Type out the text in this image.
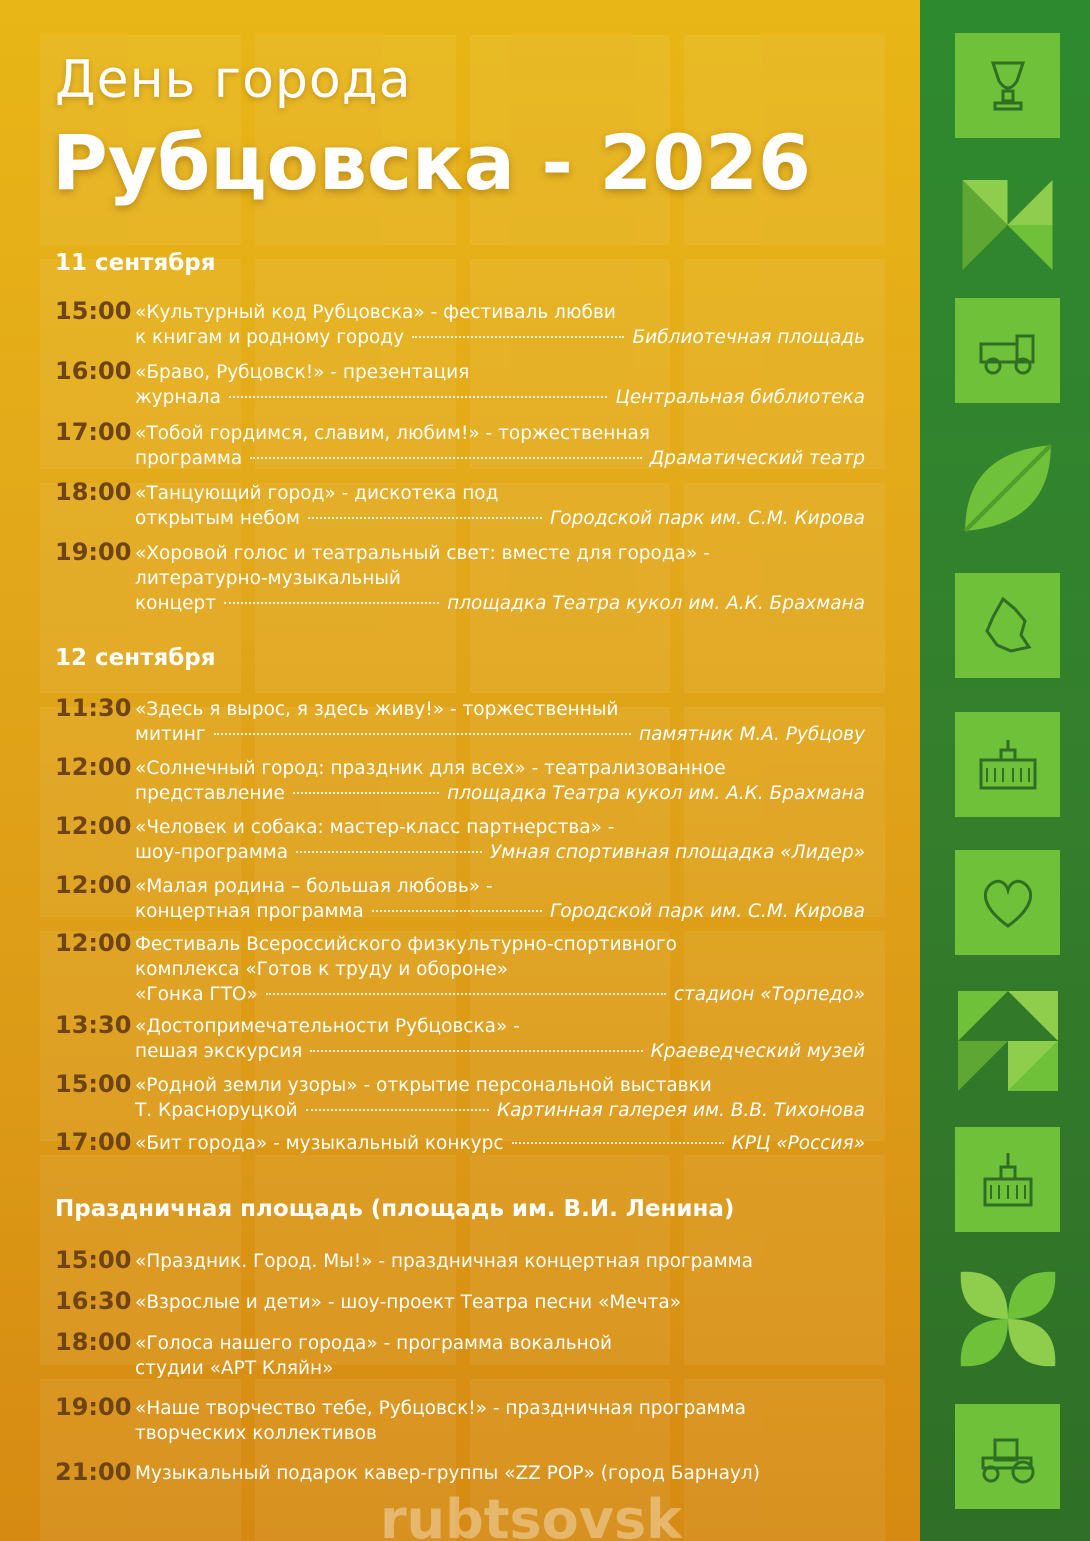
День города
Рубцовска - 2026
11 сентября
15:00 «Культурный код Рубцовска» - фестиваль любви
к книгам и родному городу	Библиотечная площадь
16:00 «Браво, Рубцовск!» - презентация
журнала	Центральная библиотека
17:00 «Тобой гордимся, славим, любим!» - торжественная
программа	Драматический театр
18:00 «Танцующий город» - дискотека под
открытым небом	Городской парк им. С.М. Кирова
19:00 «Хоровой голос и театральный свет: вместе для города» -
литературно-музыкальный
концерт	площадка Театра кукол им. А.К. Брахмана
12 сентября
11:30 «Здесь я вырос, я здесь живу!» - торжественный
митинг	памятник М.А. Рубцову
12:00 «Солнечный город: праздник для всех» - театрализованное
представление	площадка Театра кукол им. А.К. Брахмана
12:00 «Человек и собака: мастер-класс партнерства» -
шоу-программа	Умная спортивная площадка «Лидер»
12:00 «Малая родина – большая любовь» -
концертная программа	Городской парк им. С.М. Кирова
12:00 Фестиваль Всероссийского физкультурно-спортивного
комплекса «Готов к труду и обороне»
«Гонка ГТО»	стадион «Торпедо»
13:30 «Достопримечательности Рубцовска» -
пешая экскурсия	Краеведческий музей
15:00 «Родной земли узоры» - открытие персональной выставки
Т. Красноруцкой	Картинная галерея им. В.В. Тихонова
17:00 «Бит города» - музыкальный конкурс	КРЦ «Россия»
Праздничная площадь (площадь им. В.И. Ленина)
15:00 «Праздник. Город. Мы!» - праздничная концертная программа
16:30 «Взрослые и дети» - шоу-проект Театра песни «Мечта»
18:00 «Голоса нашего города» - программа вокальной
студии «АРТ Кляйн»
19:00 «Наше творчество тебе, Рубцовск!» - праздничная программа
творческих коллективов
21:00 Музыкальный подарок кавер-группы «ZZ POP» (город Барнаул)
rubtsovsk
